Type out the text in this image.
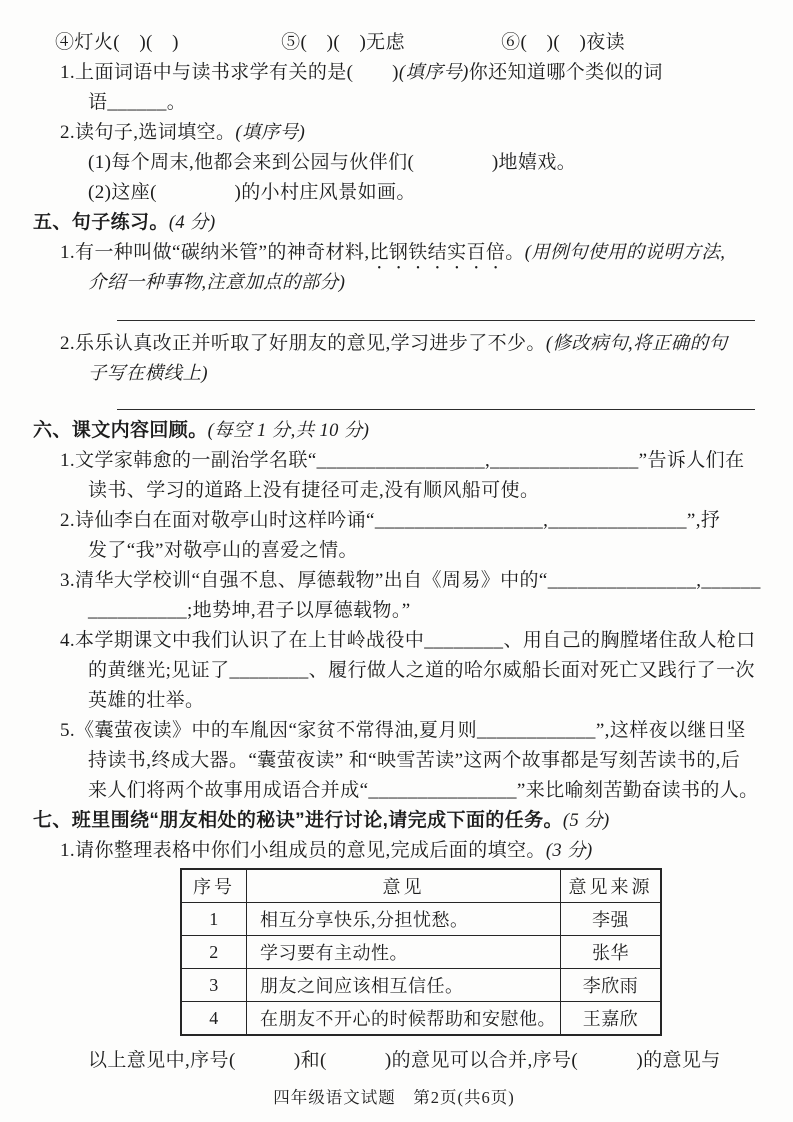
④灯火(　)(　)	⑤(　)(　)无虑	⑥(　)(　)夜读
1.上面词语中与读书求学有关的是(　　)(填序号)你还知道哪个类似的词
语______。
2.读句子,选词填空。(填序号)
(1)每个周末,他都会来到公园与伙伴们(　　　　)地嬉戏。
(2)这座(　　　　)的小村庄风景如画。
五、句子练习。(4 分)
1.有一种叫做“碳纳米管”的神奇材料,比钢铁结实百倍。(用例句使用的说明方法,
介绍一种事物,注意加点的部分)
2.乐乐认真改正并听取了好朋友的意见,学习进步了不少。(修改病句,将正确的句
子写在横线上)
六、课文内容回顾。(每空 1 分,共 10 分)
1.文学家韩愈的一副治学名联“_________________,_______________”告诉人们在
读书、学习的道路上没有捷径可走,没有顺风船可使。
2.诗仙李白在面对敬亭山时这样吟诵“_________________,______________”,抒
发了“我”对敬亭山的喜爱之情。
3.清华大学校训“自强不息、厚德载物”出自《周易》中的“_______________,______
__________;地势坤,君子以厚德载物。”
4.本学期课文中我们认识了在上甘岭战役中________、用自己的胸膛堵住敌人枪口
的黄继光;见证了________、履行做人之道的哈尔威船长面对死亡又践行了一次
英雄的壮举。
5.《囊萤夜读》中的车胤因“家贫不常得油,夏月则____________”,这样夜以继日坚
持读书,终成大器。“囊萤夜读” 和“映雪苦读”这两个故事都是写刻苦读书的,后
来人们将两个故事用成语合并成“_______________”来比喻刻苦勤奋读书的人。
七、班里围绕“朋友相处的秘诀”进行讨论,请完成下面的任务。(5 分)
1.请你整理表格中你们小组成员的意见,完成后面的填空。(3 分)
序号	意见	意见来源
1	相互分享快乐,分担忧愁。	李强
2	学习要有主动性。	张华
3	朋友之间应该相互信任。	李欣雨
4	在朋友不开心的时候帮助和安慰他。	王嘉欣
以上意见中,序号(　　　)和(　　　)的意见可以合并,序号(　　　)的意见与
四年级语文试题　第2页(共6页)
